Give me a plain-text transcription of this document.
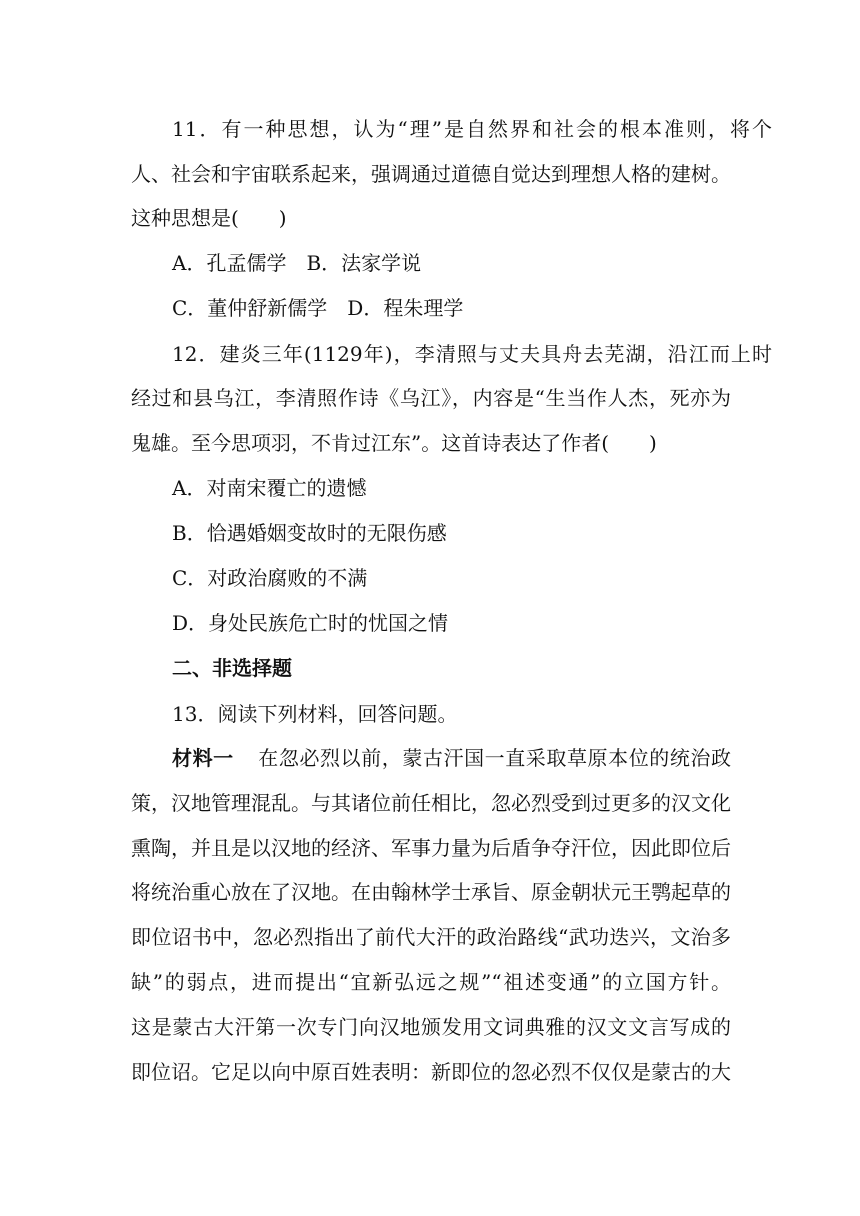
11．有一种思想，认为“理”是自然界和社会的根本准则，将个
人、社会和宇宙联系起来，强调通过道德自觉达到理想人格的建树。
这种思想是(　　)
A．孔孟儒学　B．法家学说
C．董仲舒新儒学　D．程朱理学
12．建炎三年(1129年)，李清照与丈夫具舟去芜湖，沿江而上时
经过和县乌江，李清照作诗《乌江》，内容是“生当作人杰，死亦为
鬼雄。至今思项羽，不肯过江东”。这首诗表达了作者(　　)
A．对南宋覆亡的遗憾
B．恰遇婚姻变故时的无限伤感
C．对政治腐败的不满
D．身处民族危亡时的忧国之情
二、非选择题
13．阅读下列材料，回答问题。
材料一 在忽必烈以前，蒙古汗国一直采取草原本位的统治政
策，汉地管理混乱。与其诸位前任相比，忽必烈受到过更多的汉文化
熏陶，并且是以汉地的经济、军事力量为后盾争夺汗位，因此即位后
将统治重心放在了汉地。在由翰林学士承旨、原金朝状元王鹗起草的
即位诏书中，忽必烈指出了前代大汗的政治路线“武功迭兴，文治多
缺”的弱点，进而提出“宜新弘远之规”“祖述变通”的立国方针。
这是蒙古大汗第一次专门向汉地颁发用文词典雅的汉文文言写成的
即位诏。它足以向中原百姓表明：新即位的忽必烈不仅仅是蒙古的大
